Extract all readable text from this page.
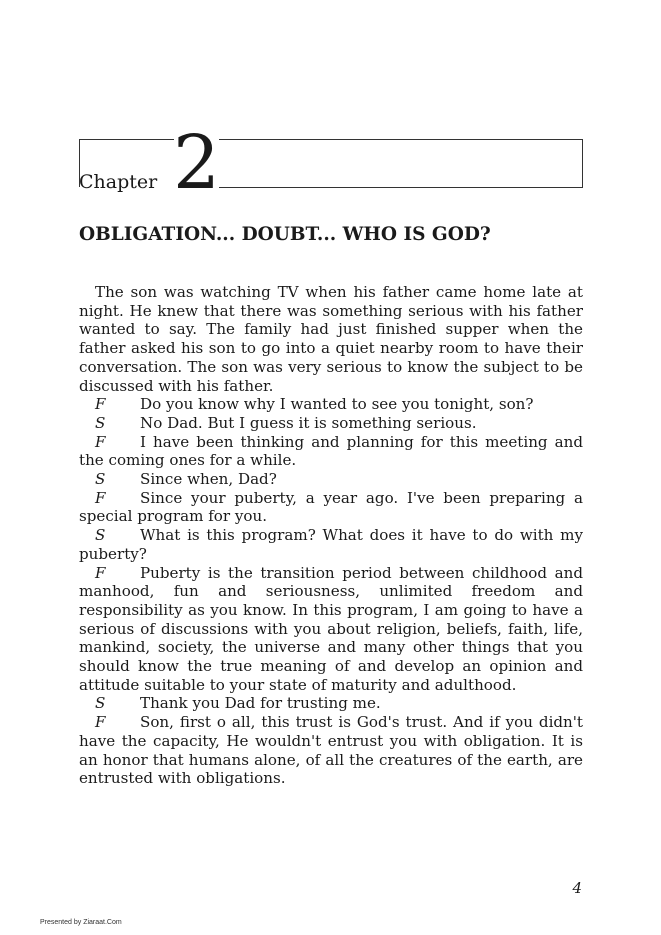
Chapter 2
OBLIGATION... DOUBT... WHO IS GOD?

The son was watching TV when his father came home late at night. He knew that there was something serious with his father wanted to say. The family had just finished supper when the father asked his son to go into a quiet nearby room to have their conversation. The son was very serious to know the subject to be discussed with his father.

F Do you know why I wanted to see you tonight, son?

S No Dad. But I guess it is something serious.

F I have been thinking and planning for this meeting and the coming ones for a while.

S Since when, Dad?

F Since your puberty, a year ago. I've been preparing a special program for you.

S What is this program? What does it have to do with my puberty?

F Puberty is the transition period between childhood and manhood, fun and seriousness, unlimited freedom and responsibility as you know. In this program, I am going to have a serious of discussions with you about religion, beliefs, faith, life, mankind, society, the universe and many other things that you should know the true meaning of and develop an opinion and attitude suitable to your state of maturity and adulthood.

S Thank you Dad for trusting me.

F Son, first o all, this trust is God's trust. And if you didn't have the capacity, He wouldn't entrust you with obligation. It is an honor that humans alone, of all the creatures of the earth, are entrusted with obligations.

4
Presented by Ziaraat.Com
